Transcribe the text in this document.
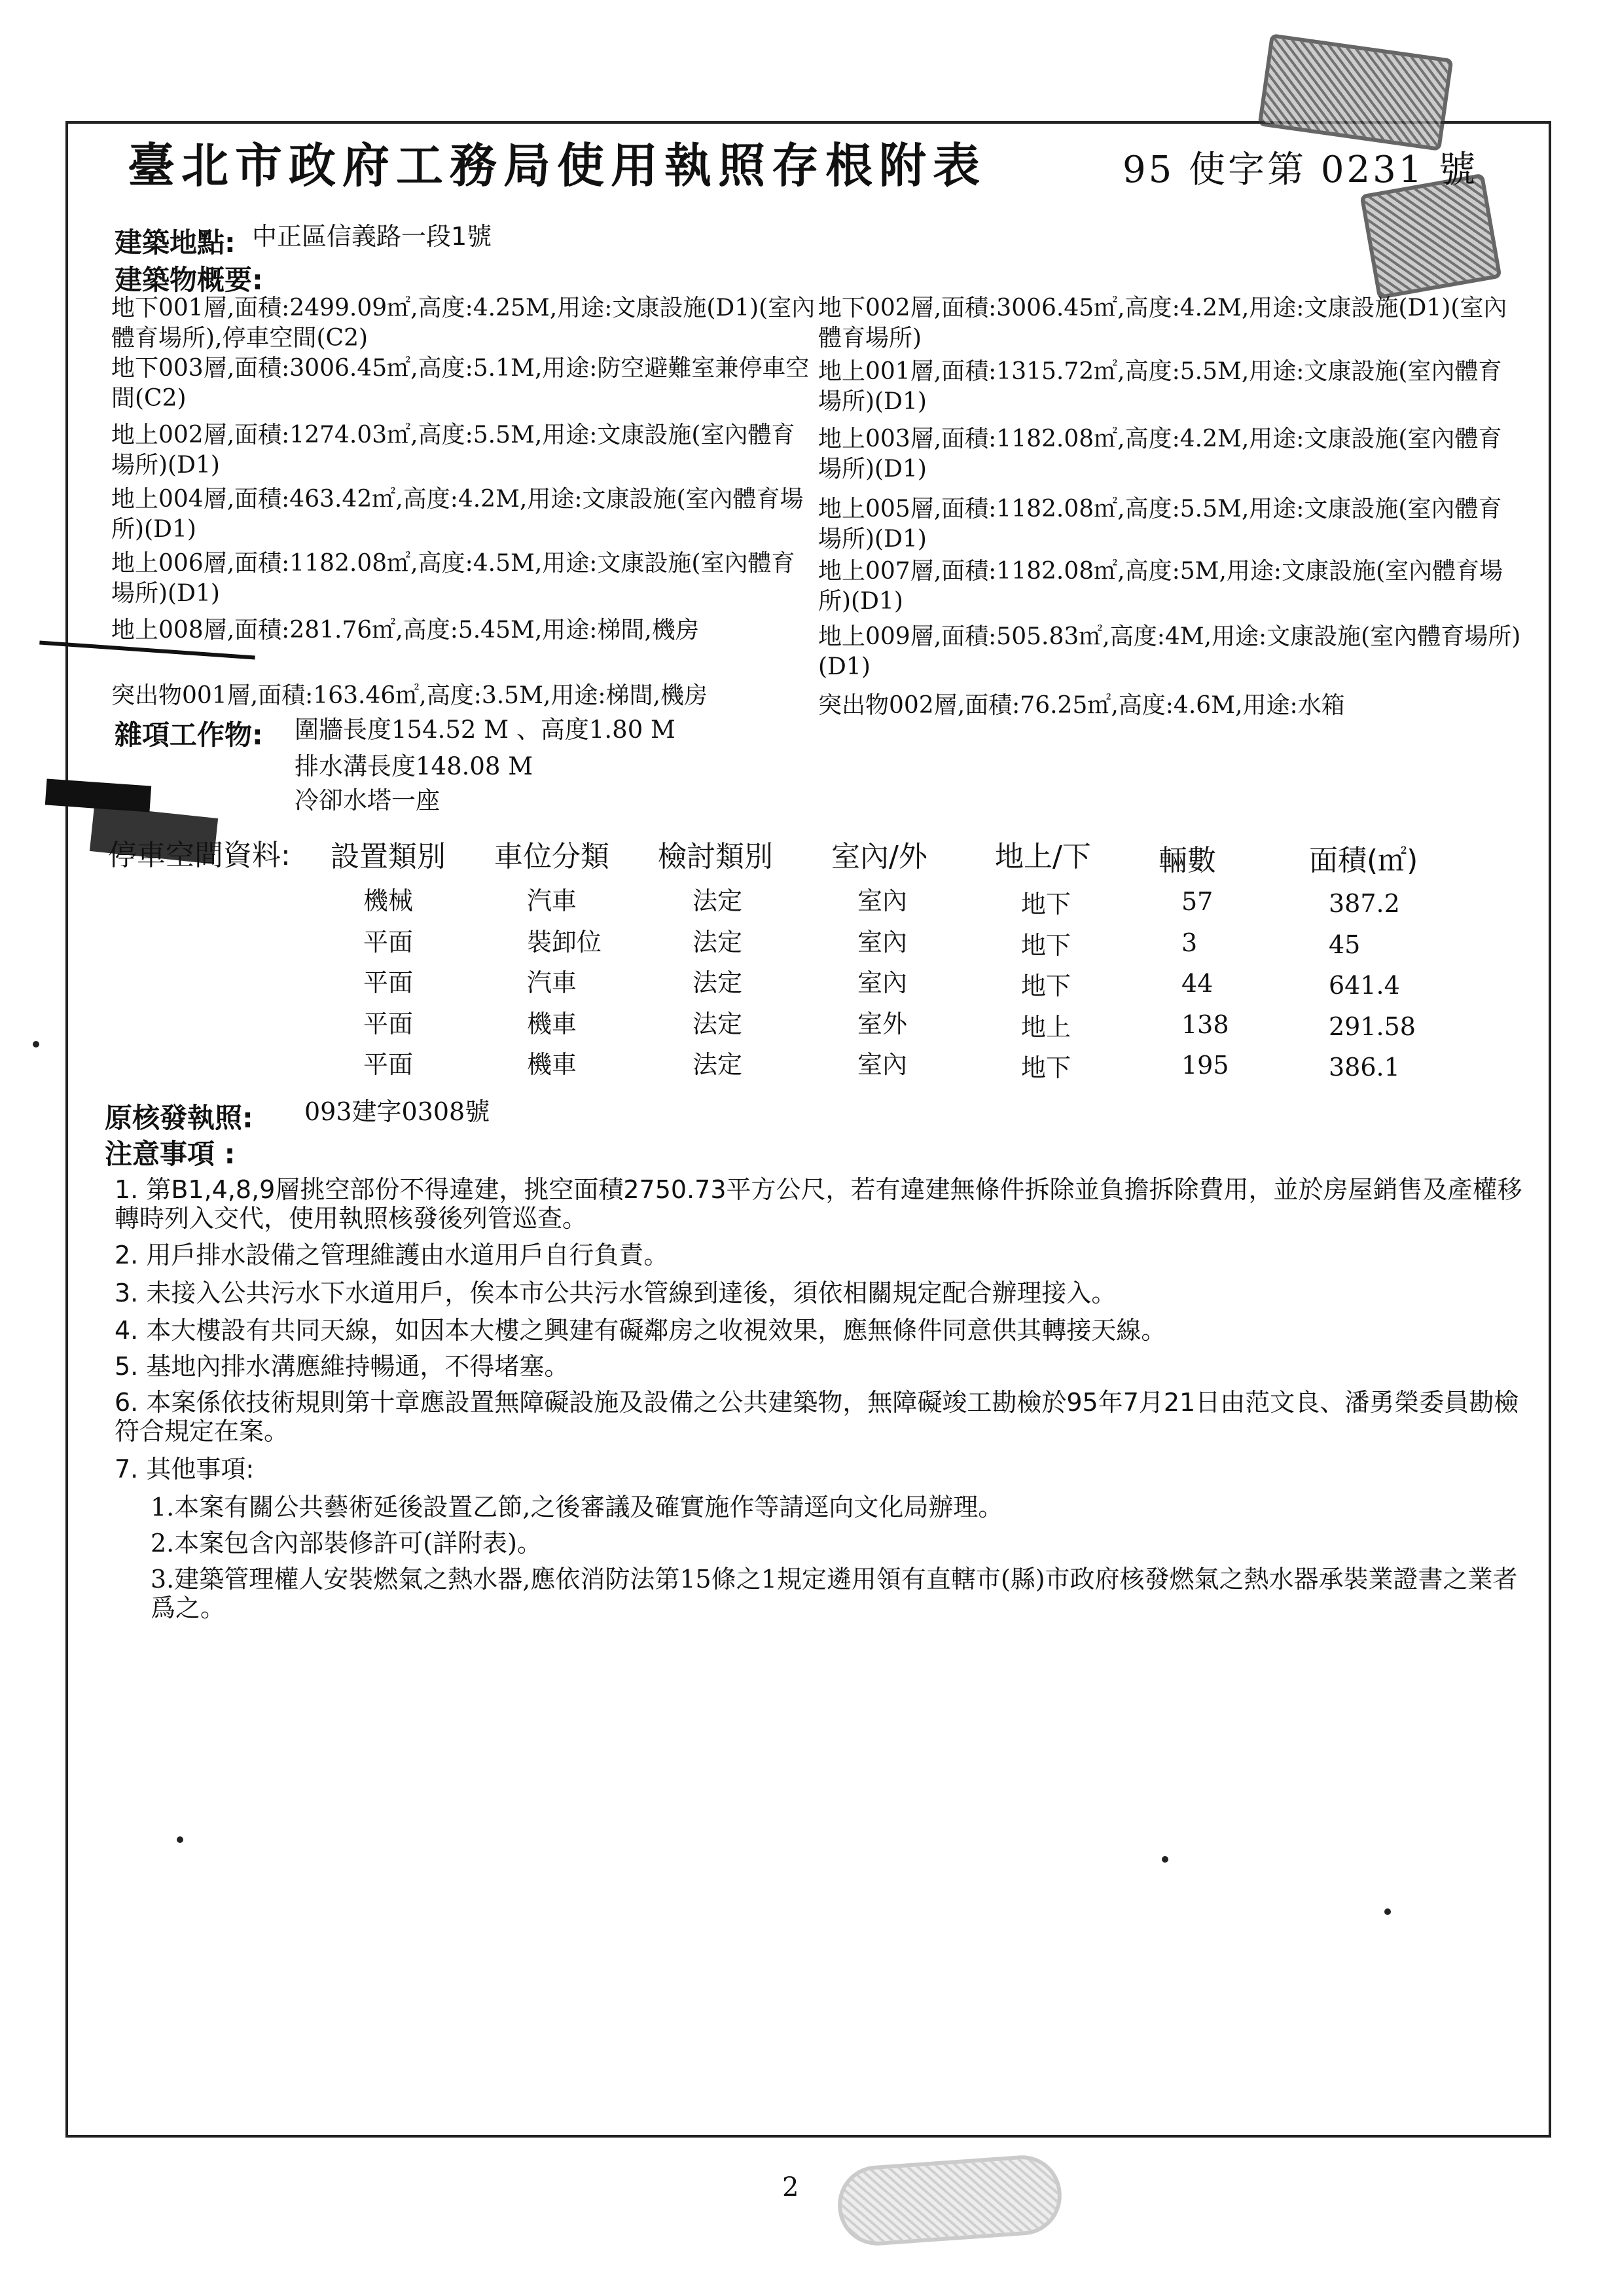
臺北市政府工務局使用執照存根附表	95 使字第 0231 號
建築地點: 中正區信義路一段1號
建築物概要:
地下001層,面積:2499.09㎡,高度:4.25M,用途:文康設施(D1)(室內體育場所),停車空間(C2)
地下003層,面積:3006.45㎡,高度:5.1M,用途:防空避難室兼停車空間(C2)
地上002層,面積:1274.03㎡,高度:5.5M,用途:文康設施(室內體育場所)(D1)
地上004層,面積:463.42㎡,高度:4.2M,用途:文康設施(室內體育場所)(D1)
地上006層,面積:1182.08㎡,高度:4.5M,用途:文康設施(室內體育場所)(D1)
地上008層,面積:281.76㎡,高度:5.45M,用途:梯間,機房
突出物001層,面積:163.46㎡,高度:3.5M,用途:梯間,機房
地下002層,面積:3006.45㎡,高度:4.2M,用途:文康設施(D1)(室內體育場所)
地上001層,面積:1315.72㎡,高度:5.5M,用途:文康設施(室內體育場所)(D1)
地上003層,面積:1182.08㎡,高度:4.2M,用途:文康設施(室內體育場所)(D1)
地上005層,面積:1182.08㎡,高度:5.5M,用途:文康設施(室內體育場所)(D1)
地上007層,面積:1182.08㎡,高度:5M,用途:文康設施(室內體育場所)(D1)
地上009層,面積:505.83㎡,高度:4M,用途:文康設施(室內體育場所)(D1)
突出物002層,面積:76.25㎡,高度:4.6M,用途:水箱
雜項工作物: 圍牆長度154.52 M 、高度1.80 M
排水溝長度148.08 M
冷卻水塔一座
停車空間資料: 設置類別 車位分類 檢討類別 室內/外 地上/下 輛數	面積(㎡)
機械	汽車	法定	室內	地下	57	387.2
平面	裝卸位	法定	室內	地下	3	45
平面	汽車	法定	室內	地下	44	641.4
平面	機車	法定	室外	地上	138	291.58
平面	機車	法定	室內	地下	195	386.1
原核發執照: 093建字0308號
注意事項 :
1. 第B1,4,8,9層挑空部份不得違建，挑空面積2750.73平方公尺，若有違建無條件拆除並負擔拆除費用，並於房屋銷售及產權移轉時列入交代，使用執照核發後列管巡查。
2. 用戶排水設備之管理維護由水道用戶自行負責。
3. 未接入公共污水下水道用戶，俟本市公共污水管線到達後，須依相關規定配合辦理接入。
4. 本大樓設有共同天線，如因本大樓之興建有礙鄰房之收視效果，應無條件同意供其轉接天線。
5. 基地內排水溝應維持暢通，不得堵塞。
6. 本案係依技術規則第十章應設置無障礙設施及設備之公共建築物，無障礙竣工勘檢於95年7月21日由范文良、潘勇榮委員勘檢符合規定在案。
7. 其他事項:
1.本案有關公共藝術延後設置乙節,之後審議及確實施作等請逕向文化局辦理。
2.本案包含內部裝修許可(詳附表)。
3.建築管理權人安裝燃氣之熱水器,應依消防法第15條之1規定遴用領有直轄市(縣)市政府核發燃氣之熱水器承裝業證書之業者爲之。
2
